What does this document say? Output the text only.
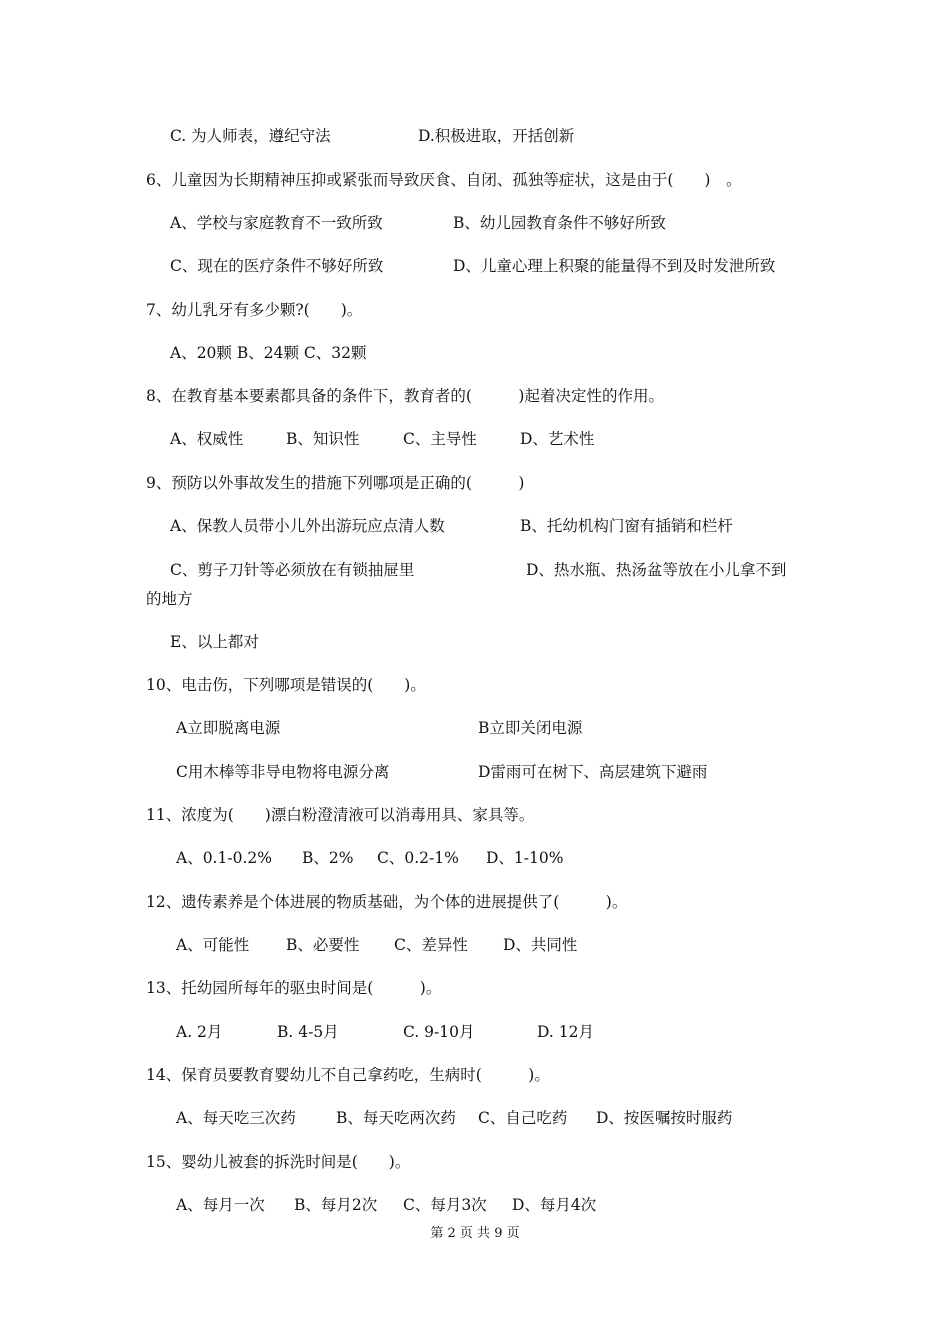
C. 为人师表，遵纪守法	D.积极进取，开括创新
6、儿童因为长期精神压抑或紧张而导致厌食、自闭、孤独等症状，这是由于(　　)　。
A、学校与家庭教育不一致所致	B、幼儿园教育条件不够好所致
C、现在的医疗条件不够好所致	D、儿童心理上积聚的能量得不到及时发泄所致
7、幼儿乳牙有多少颗?(　　)。
A、20颗 B、24颗 C、32颗
8、在教育基本要素都具备的条件下，教育者的(　　　)起着决定性的作用。
A、权威性	B、知识性	C、主导性	D、艺术性
9、预防以外事故发生的措施下列哪项是正确的(　　　)
A、保教人员带小儿外出游玩应点清人数	B、托幼机构门窗有插销和栏杆
C、剪子刀针等必须放在有锁抽屉里	D、热水瓶、热汤盆等放在小儿拿不到
的地方
E、以上都对
10、电击伤，下列哪项是错误的(　　)。
A立即脱离电源	B立即关闭电源
C用木棒等非导电物将电源分离	D雷雨可在树下、高层建筑下避雨
11、浓度为(　　)漂白粉澄清液可以消毒用具、家具等。
A、0.1-0.2% B、2% C、0.2-1% D、1-10%
12、遗传素养是个体进展的物质基础，为个体的进展提供了(　　　)。
A、可能性 B、必要性 C、差异性 D、共同性
13、托幼园所每年的驱虫时间是(　　　)。
A. 2月	B. 4-5月	C. 9-10月	D. 12月
14、保育员要教育婴幼儿不自己拿药吃，生病时(　　　)。
A、每天吃三次药	B、每天吃两次药 C、自己吃药 D、按医嘱按时服药
15、婴幼儿被套的拆洗时间是(　　)。
A、每月一次 B、每月2次 C、每月3次 D、每月4次
第 2 页 共 9 页
